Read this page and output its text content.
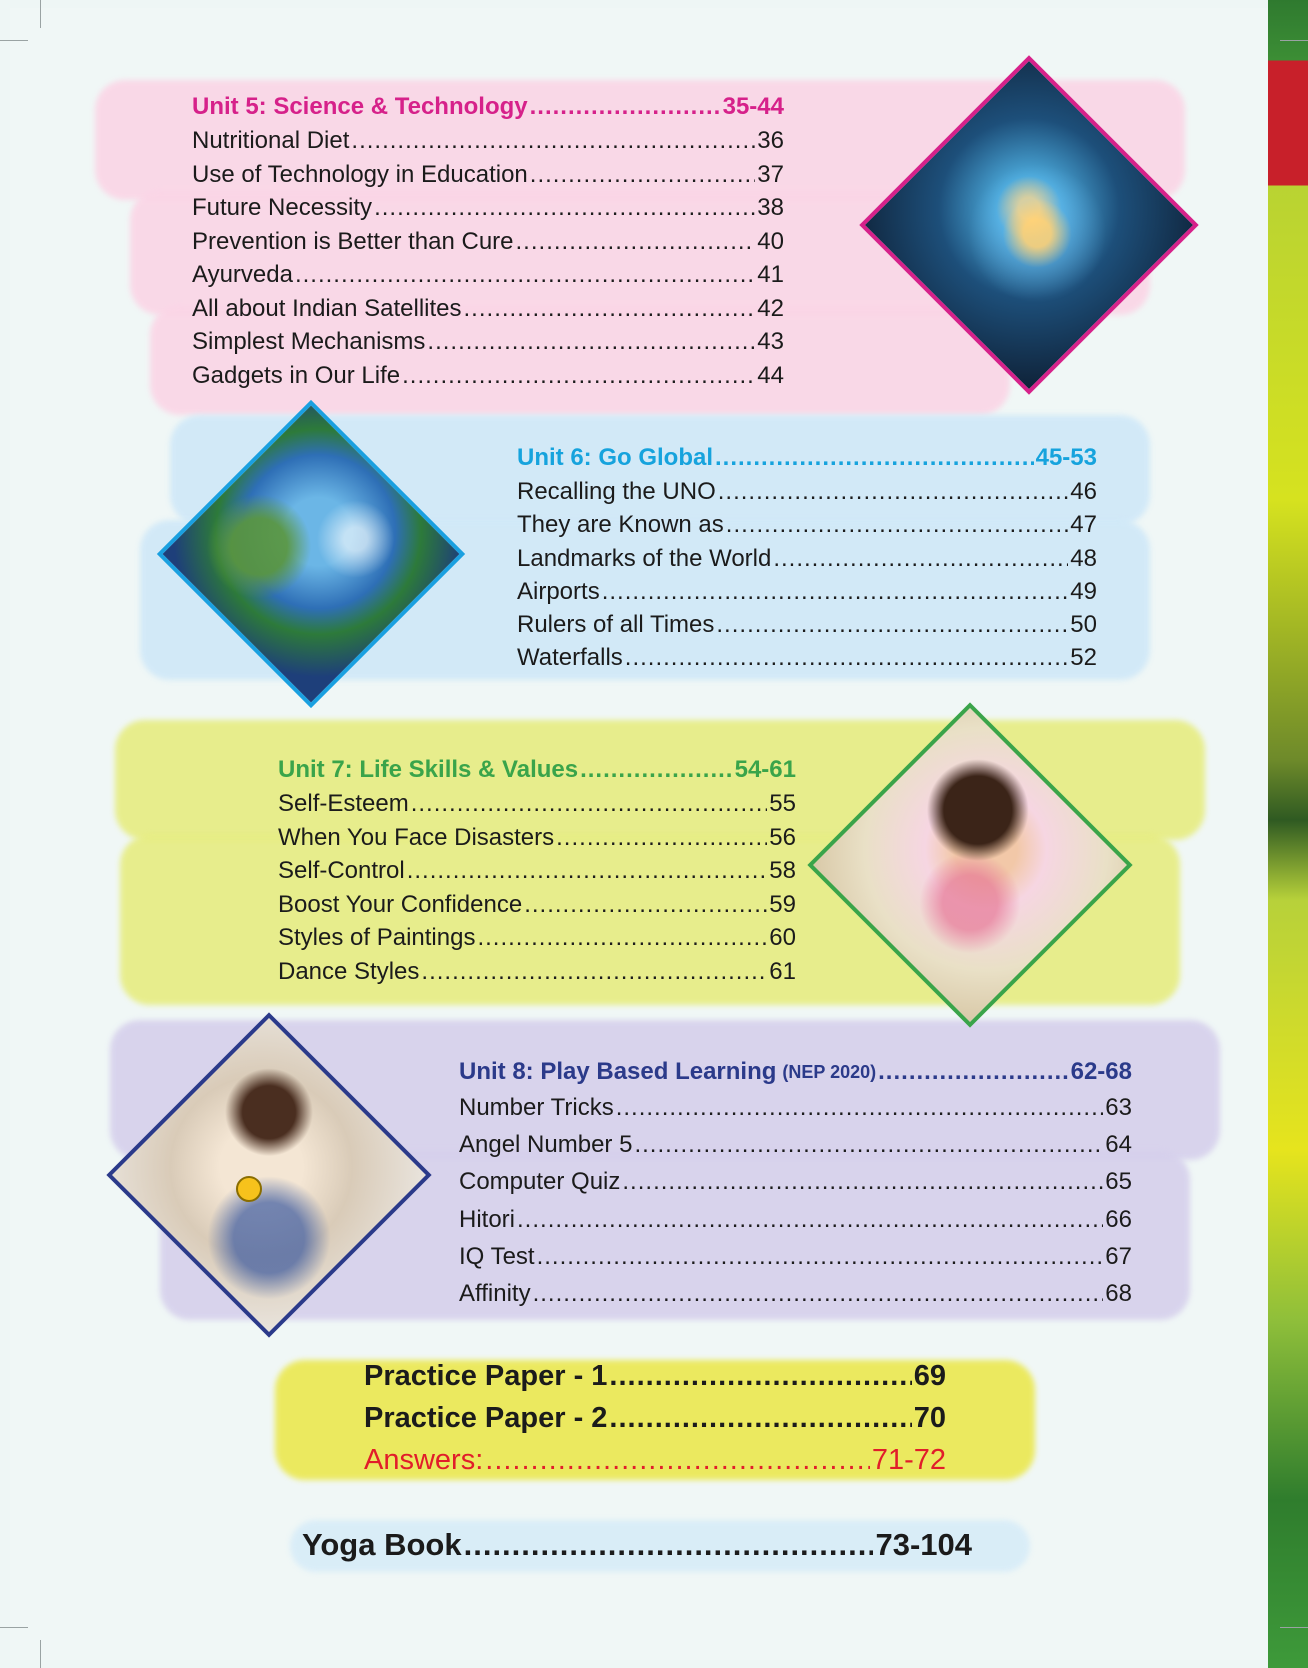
Unit 5: Science & Technology .....	35-44
Nutritional Diet .....	36
Use of Technology in Education .....	37
Future Necessity .....	38
Prevention is Better than Cure .....	40
Ayurveda .....	41
All about Indian Satellites .....	42
Simplest Mechanisms .....	43
Gadgets in Our Life .....	44
Unit 6: Go Global .....	45-53
Recalling the UNO .....	46
They are Known as .....	47
Landmarks of the World .....	48
Airports .....	49
Rulers of all Times .....	50
Waterfalls .....	52
Unit 7: Life Skills & Values .....	54-61
Self-Esteem .....	55
When You Face Disasters .....	56
Self-Control .....	58
Boost Your Confidence .....	59
Styles of Paintings .....	60
Dance Styles .....	61
Unit 8: Play Based Learning (NEP 2020) .....	62-68
Number Tricks .....	63
Angel Number 5 .....	64
Computer Quiz .....	65
Hitori .....	66
IQ Test .....	67
Affinity .....	68
Practice Paper - 1 .....	69
Practice Paper - 2 .....	70
Answers: .....	71-72
Yoga Book .....	73-104
